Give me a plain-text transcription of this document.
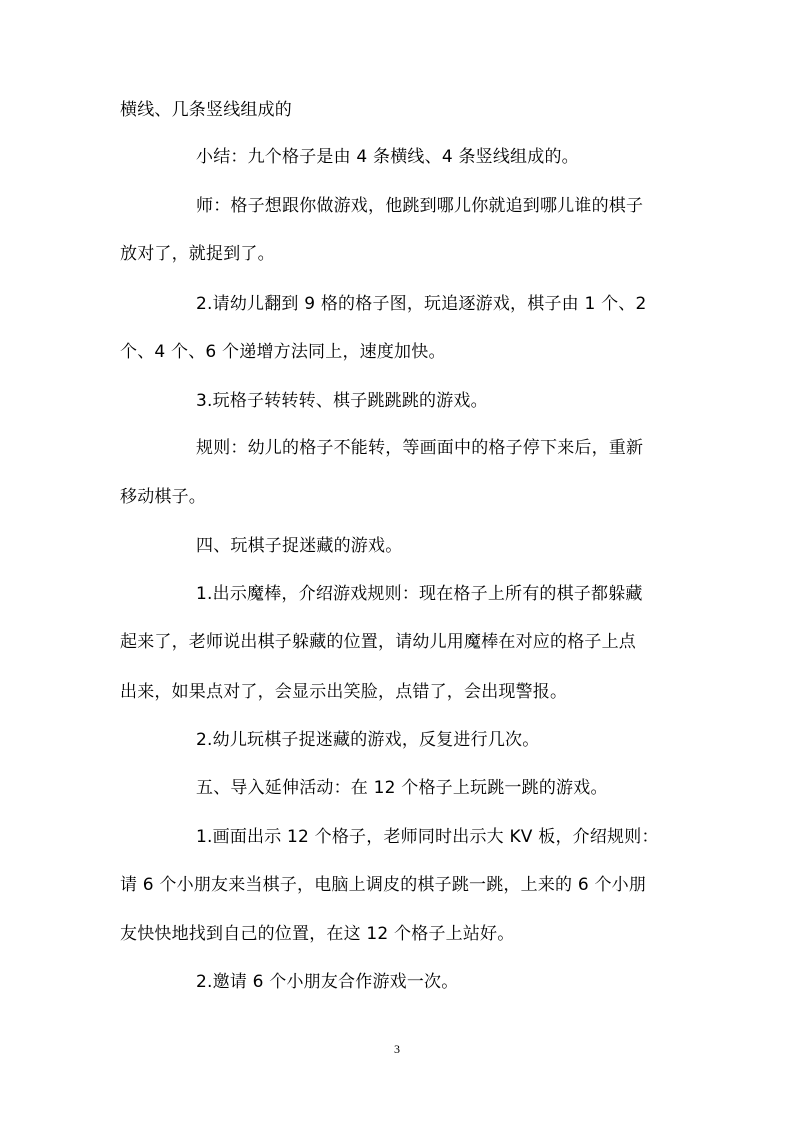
横线、几条竖线组成的
小结：九个格子是由 4 条横线、4 条竖线组成的。
师：格子想跟你做游戏，他跳到哪儿你就追到哪儿谁的棋子
放对了，就捉到了。
2.请幼儿翻到 9 格的格子图，玩追逐游戏，棋子由 1 个、2
个、4 个、6 个递增方法同上，速度加快。
3.玩格子转转转、棋子跳跳跳的游戏。
规则：幼儿的格子不能转，等画面中的格子停下来后，重新
移动棋子。
四、玩棋子捉迷藏的游戏。
1.出示魔棒，介绍游戏规则：现在格子上所有的棋子都躲藏
起来了，老师说出棋子躲藏的位置，请幼儿用魔棒在对应的格子上点
出来，如果点对了，会显示出笑脸，点错了，会出现警报。
2.幼儿玩棋子捉迷藏的游戏，反复进行几次。
五、导入延伸活动：在 12 个格子上玩跳一跳的游戏。
1.画面出示 12 个格子，老师同时出示大 KV 板，介绍规则：
请 6 个小朋友来当棋子，电脑上调皮的棋子跳一跳，上来的 6 个小朋
友快快地找到自己的位置，在这 12 个格子上站好。
2.邀请 6 个小朋友合作游戏一次。
3
